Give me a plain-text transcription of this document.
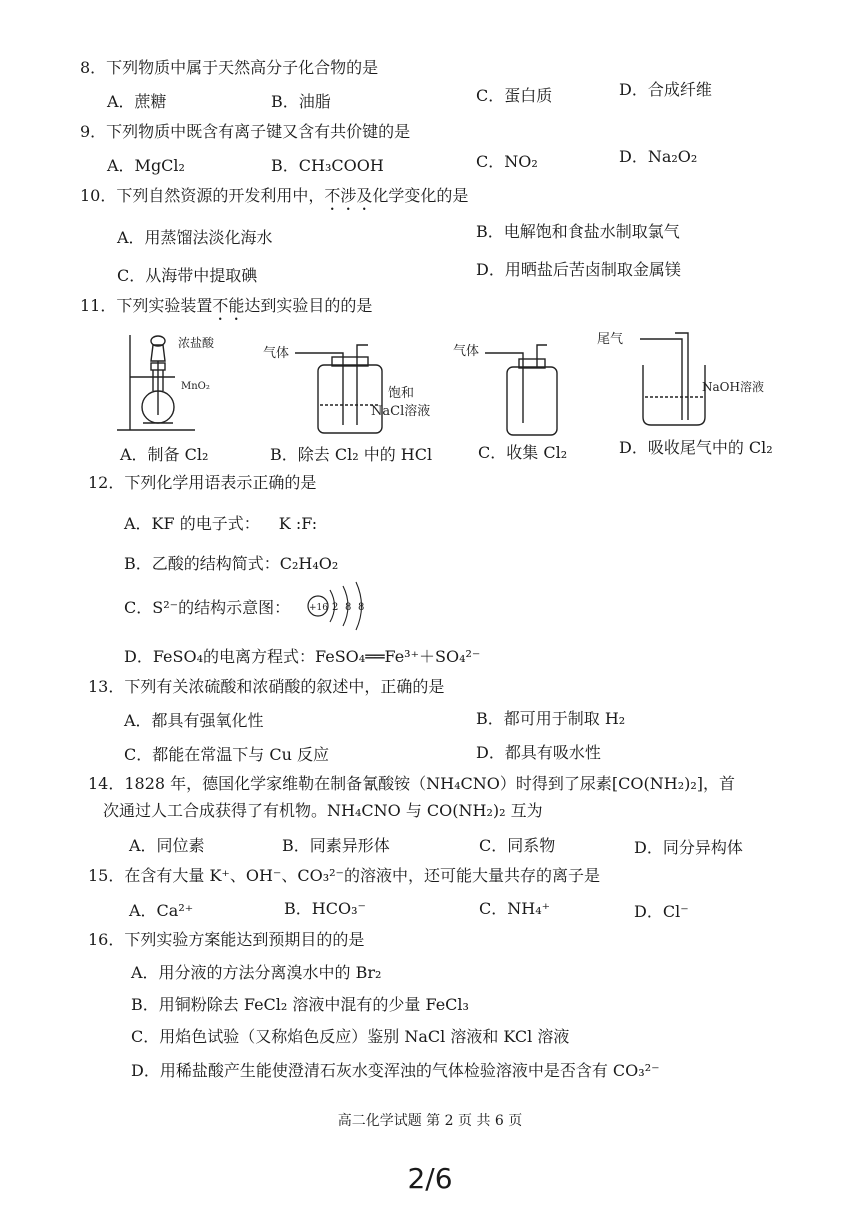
8．下列物质中属于天然高分子化合物的是
A．蔗糖	B．油脂	C．蛋白质	D．合成纤维
9．下列物质中既含有离子键又含有共价键的是
A．MgCl₂	B．CH₃COOH	C．NO₂	D．Na₂O₂
10．下列自然资源的开发利用中，不涉及化学变化的是
A．用蒸馏法淡化海水	B．电解饱和食盐水制取氯气
C．从海带中提取碘	D．用晒盐后苦卤制取金属镁
11．下列实验装置不能达到实验目的的是
浓盐酸
MnO₂
气体
饱和
NaCl溶液
气体
尾气
NaOH溶液
A．制备 Cl₂	B．除去 Cl₂ 中的 HCl	C．收集 Cl₂	D．吸收尾气中的 Cl₂
12．下列化学用语表示正确的是
A．KF 的电子式： K :F:
B．乙酸的结构简式：C₂H₄O₂
C．S²⁻的结构示意图： +16 2 8 8
D．FeSO₄的电离方程式：FeSO₄══Fe³⁺＋SO₄²⁻
13．下列有关浓硫酸和浓硝酸的叙述中，正确的是
A．都具有强氧化性	B．都可用于制取 H₂
C．都能在常温下与 Cu 反应	D．都具有吸水性
14．1828 年，德国化学家维勒在制备氰酸铵（NH₄CNO）时得到了尿素[CO(NH₂)₂]，首
次通过人工合成获得了有机物。NH₄CNO 与 CO(NH₂)₂ 互为
A．同位素	B．同素异形体	C．同系物	D．同分异构体
15．在含有大量 K⁺、OH⁻、CO₃²⁻的溶液中，还可能大量共存的离子是
A．Ca²⁺	B．HCO₃⁻	C．NH₄⁺	D．Cl⁻
16．下列实验方案能达到预期目的的是
A．用分液的方法分离溴水中的 Br₂
B．用铜粉除去 FeCl₂ 溶液中混有的少量 FeCl₃
C．用焰色试验（又称焰色反应）鉴别 NaCl 溶液和 KCl 溶液
D．用稀盐酸产生能使澄清石灰水变浑浊的气体检验溶液中是否含有 CO₃²⁻
高二化学试题 第 2 页 共 6 页
2/6
